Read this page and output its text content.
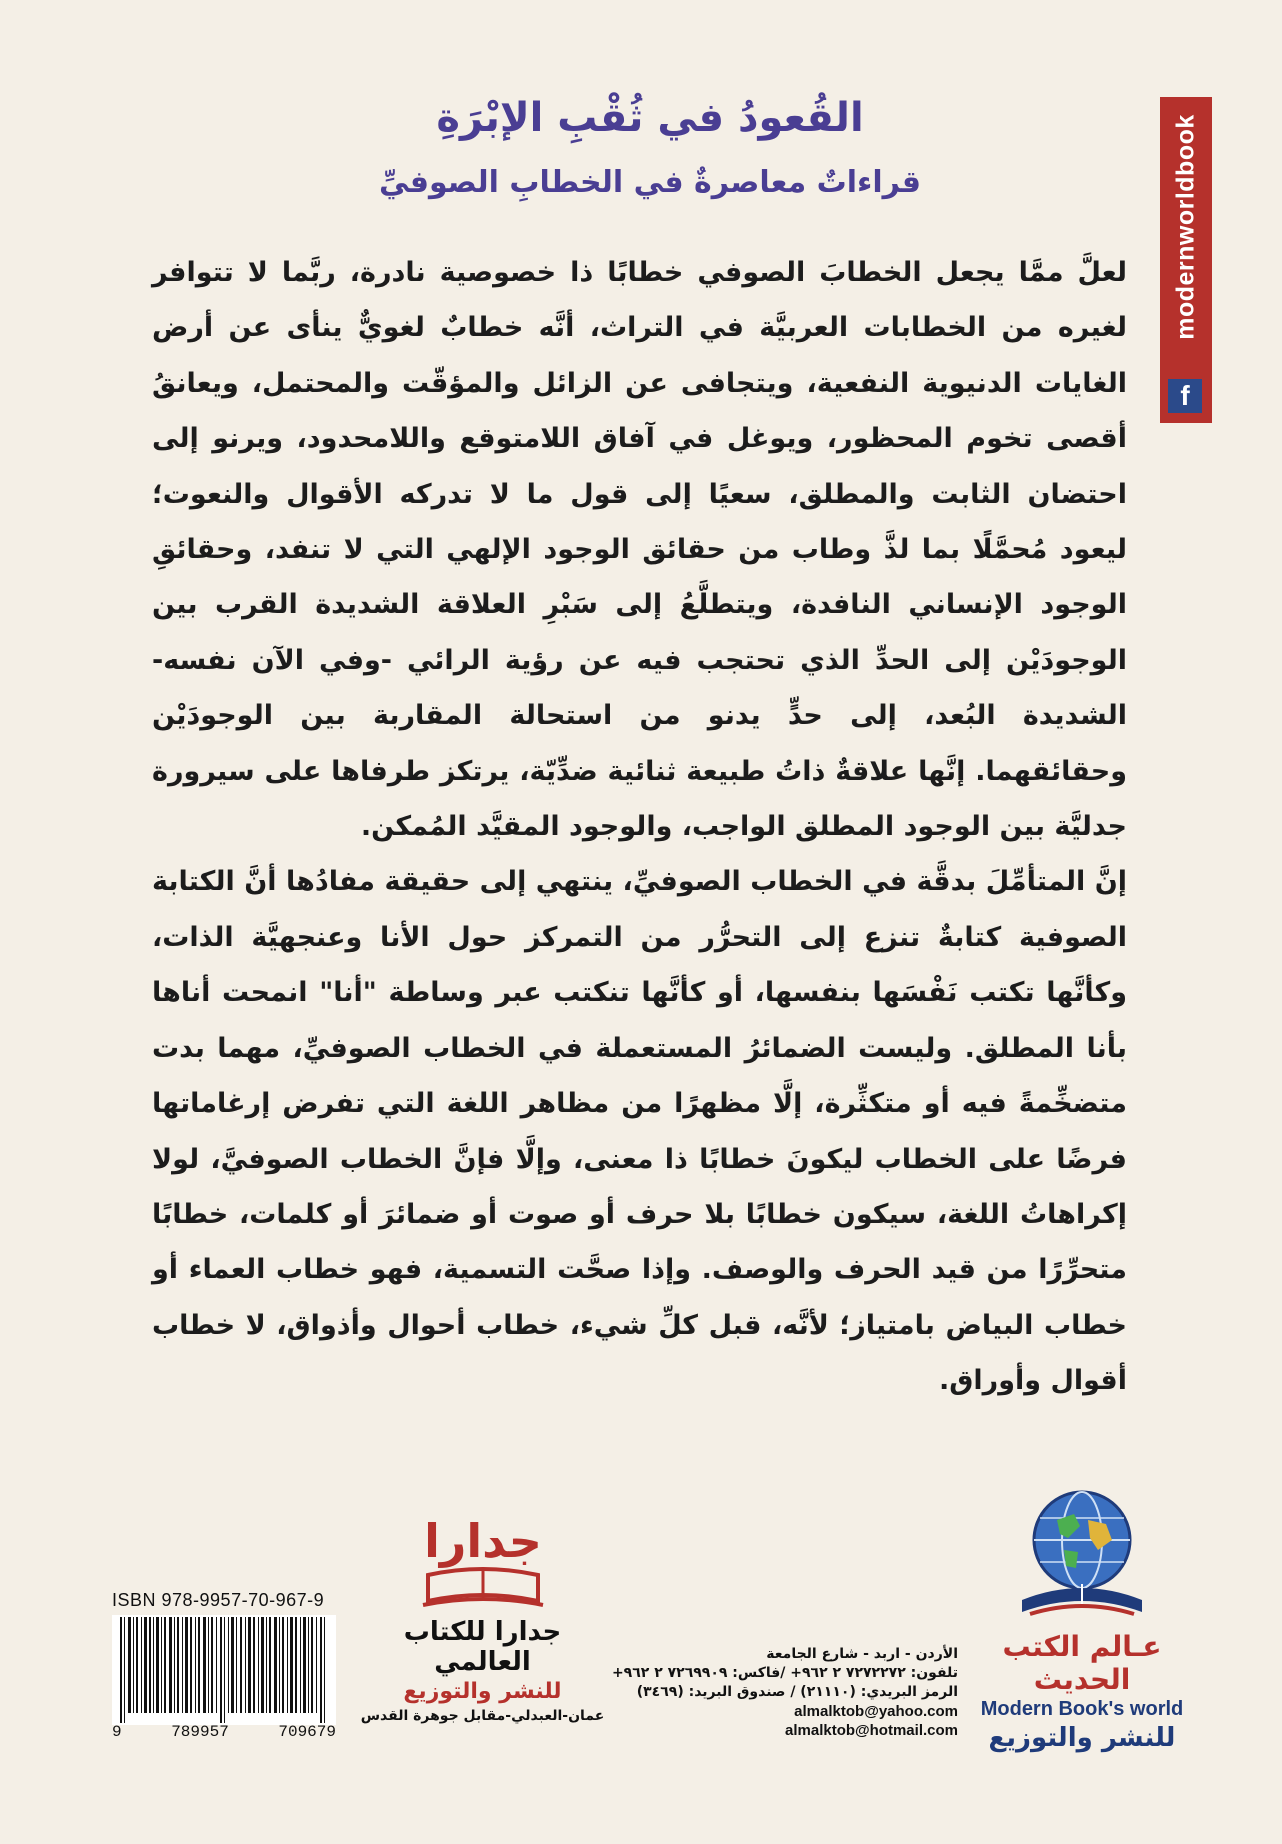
modernworldbook
f
القُعودُ في ثُقْبِ الإبْرَةِ
قراءاتٌ معاصرةٌ في الخطابِ الصوفيِّ

لعلَّ ممَّا يجعل الخطابَ الصوفي خطابًا ذا خصوصية نادرة، ربَّما لا تتوافر لغيره من الخطابات العربيَّة في التراث، أنَّه خطابٌ لغويٌّ ينأى عن أرض الغايات الدنيوية النفعية، ويتجافى عن الزائل والمؤقّت والمحتمل، ويعانقُ أقصى تخوم المحظور، ويوغل في آفاق اللامتوقع واللامحدود، ويرنو إلى احتضان الثابت والمطلق، سعيًا إلى قول ما لا تدركه الأقوال والنعوت؛ ليعود مُحمَّلًا بما لذَّ وطاب من حقائق الوجود الإلهي التي لا تنفد، وحقائقِ الوجود الإنساني النافدة، ويتطلَّعُ إلى سَبْرِ العلاقة الشديدة القرب بين الوجودَيْن إلى الحدِّ الذي تحتجب فيه عن رؤية الرائي -وفي الآن نفسه- الشديدة البُعد، إلى حدٍّ يدنو من استحالة المقاربة بين الوجودَيْن وحقائقهما. إنَّها علاقةٌ ذاتُ طبيعة ثنائية ضدِّيّة، يرتكز طرفاها على سيرورة جدليَّة بين الوجود المطلق الواجب، والوجود المقيَّد المُمكن.

إنَّ المتأمِّلَ بدقَّة في الخطاب الصوفيِّ، ينتهي إلى حقيقة مفادُها أنَّ الكتابة الصوفية كتابةٌ تنزع إلى التحرُّر من التمركز حول الأنا وعنجهيَّة الذات، وكأنَّها تكتب نَفْسَها بنفسها، أو كأنَّها تنكتب عبر وساطة "أنا" انمحت أناها بأنا المطلق. وليست الضمائرُ المستعملة في الخطاب الصوفيِّ، مهما بدت متضخِّمةً فيه أو متكثِّرة، إلَّا مظهرًا من مظاهر اللغة التي تفرض إرغاماتها فرضًا على الخطاب ليكونَ خطابًا ذا معنى، وإلَّا فإنَّ الخطاب الصوفيَّ، لولا إكراهاتُ اللغة، سيكون خطابًا بلا حرف أو صوت أو ضمائرَ أو كلمات، خطابًا متحرِّرًا من قيد الحرف والوصف. وإذا صحَّت التسمية، فهو خطاب العماء أو خطاب البياض بامتياز؛ لأنَّه، قبل كلِّ شيء، خطاب أحوال وأذواق، لا خطاب أقوال وأوراق.

ISBN 978-9957-70-967-9
9	789957	709679
جدارا
جدارا للكتاب العالمي
للنشر والتوزيع
عمان-العبدلي-مقابل جوهرة القدس

الأردن - اربد - شارع الجامعة

تلفون: ٧٢٧٢٢٧٢ ٢ ٩٦٢+ /فاكس: ٧٢٦٩٩٠٩ ٢ ٩٦٢+

الرمز البريدي: (٢١١١٠) / صندوق البريد: (٣٤٦٩)

almalktob@yahoo.com

almalktob@hotmail.com

عـالم الكتب الحديث
Modern Book's world
للنشر والتوزيع
